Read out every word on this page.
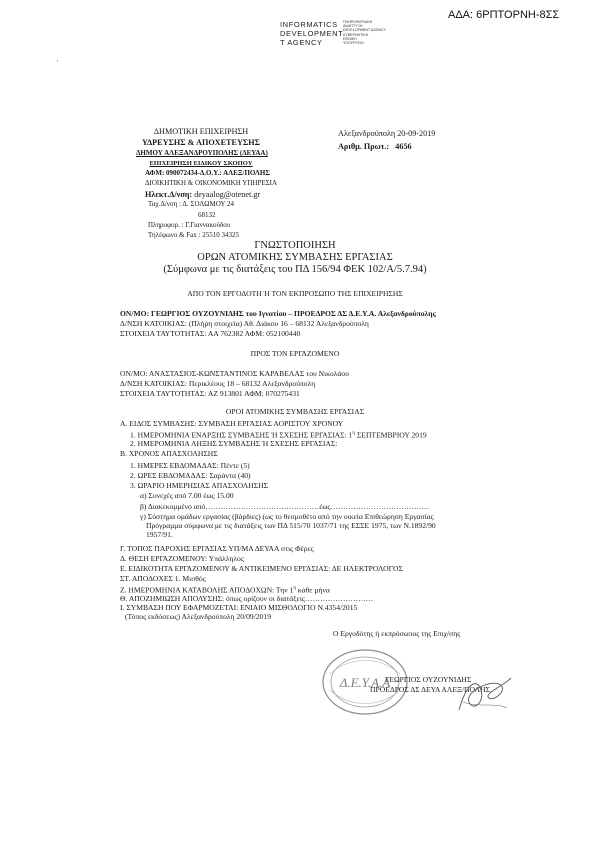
ΑΔΑ: 6ΡΠΤΟΡΝΗ-8ΣΣ
INFORMATICS
DEVELOPMENT
T AGENCY
ΠΛΗΡΟΦΟΡΙΑΚΗ
ΑΝΑΠΤΥΞΗ
DEVELOPMENT AGENCY
ΚΥΒΕΡΝΗΤΙΚΗ
ΕΘΝΙΚΗ
ΥΠΟΥΡΓΕΙΟ
'
ΔΗΜΟΤΙΚΗ ΕΠΙΧΕΙΡΗΣΗ
ΥΔΡΕΥΣΗΣ & ΑΠΟΧΕΤΕΥΣΗΣ
ΔΗΜΟΥ ΑΛΕΞΑΝΔΡΟΥΠΟΛΗΣ (ΔΕΥΑΑ)
ΕΠΙΧΕΙΡΗΣΗ ΕΙΔΙΚΟΥ ΣΚΟΠΟΥ
ΑΦΜ: 090072434-Δ.Ο.Υ.: ΑΛΕΞ/ΠΟΛΗΣ
ΔΙΟΙΚΗΤΙΚΗ & ΟΙΚΟΝΟΜΙΚΗ ΥΠΗΡΕΣΙΑ
Ηλεκτ.Δ/νση: deyaalog@otenet.gr
Ταχ.Δ/νση : Δ. ΣΟΛΩΜΟΥ 24
68132
Πληροφορ. : Γ.Γιαννακούδου
Τηλέφωνο & Fax : 25510 34325
Αλεξανδρούπολη 20-09-2019
Αριθμ. Πρωτ.: 4656
ΓΝΩΣΤΟΠΟΙΗΣΗ
ΟΡΩΝ ΑΤΟΜΙΚΗΣ ΣΥΜΒΑΣΗΣ ΕΡΓΑΣΙΑΣ
(Σύμφωνα με τις διατάξεις του ΠΔ 156/94 ΦΕΚ 102/Α/5.7.94)
ΑΠΟ ΤΟΝ ΕΡΓΟΔΟΤΗ Ή ΤΟΝ ΕΚΠΡΟΣΩΠΟ ΤΗΣ ΕΠΙΧΕΙΡΗΣΗΣ
ΟΝ/ΜΟ: ΓΕΩΡΓΙΟΣ ΟΥΖΟΥΝΙΔΗΣ του Ιγνατίου – ΠΡΟΕΔΡΟΣ ΔΣ Δ.Ε.Υ.Α. Αλεξανδρούπολης
Δ/ΝΣΗ ΚΑΤΟΙΚΙΑΣ: (Πλήρη στοιχεία) Αθ. Διάκου 16 – 68132 Αλεξανδρούπολη
ΣΤΟΙΧΕΙΑ ΤΑΥΤΟΤΗΤΑΣ: ΑΑ 762382 ΑΦΜ: 052100440
ΠΡΟΣ ΤΟΝ ΕΡΓΑΖΟΜΕΝΟ
ΟΝ/ΜΟ: ΑΝΑΣΤΑΣΙΟΣ-ΚΩΝΣΤΑΝΤΙΝΟΣ ΚΑΡΑΒΕΛΑΣ του Νικολάου
Δ/ΝΣΗ ΚΑΤΟΙΚΙΑΣ: Περικλέους 18 – 68132 Αλεξανδρούπολη
ΣΤΟΙΧΕΙΑ ΤΑΥΤΟΤΗΤΑΣ: ΑΖ 913801 ΑΦΜ: 070275431
ΟΡΟΙ ΑΤΟΜΙΚΗΣ ΣΥΜΒΑΣΗΣ ΕΡΓΑΣΙΑΣ
Α. ΕΙΔΟΣ ΣΥΜΒΑΣΗΣ: ΣΥΜΒΑΣΗ ΕΡΓΑΣΙΑΣ ΑΟΡΙΣΤΟΥ ΧΡΟΝΟΥ
1. ΗΜΕΡΟΜΗΝΙΑ ΕΝΑΡΞΗΣ ΣΥΜΒΑΣΗΣ Ή ΣΧΕΣΗΣ ΕΡΓΑΣΙΑΣ: $1^\eta$ ΣΕΠΤΕΜΒΡΙΟΥ 2019
2. ΗΜΕΡΟΜΗΝΙΑ ΛΗΞΗΣ ΣΥΜΒΑΣΗΣ Ή ΣΧΕΣΗΣ ΕΡΓΑΣΙΑΣ:
Β. ΧΡΟΝΟΣ ΑΠΑΣΧΟΛΗΣΗΣ
1. ΗΜΕΡΕΣ ΕΒΔΟΜΑΔΑΣ: Πέντε (5)
2. ΩΡΕΣ ΕΒΔΟΜΑΔΑΣ: Σαράντα (40)
3. ΩΡΑΡΙΟ ΗΜΕΡΗΣΙΑΣ ΑΠΑΣΧΟΛΗΣΗΣ
α) Συνεχές από 7.00 έως 15.00
β) Διακεκομμένο από………………………………………έως…………………………………
γ) Σύστημα ομάδων εργασίας (βάρδιες) (ως το θεσμοθέτο από την οικεία Επιθεώρηση Εργασίας
Πρόγραμμα σύμφωνα με τις διατάξεις των ΠΔ 515/70 1037/71 της ΕΣΣΕ 1975, των Ν.1892/90
1957/91.
Γ. ΤΟΠΟΣ ΠΑΡΟΧΗΣ ΕΡΓΑΣΙΑΣ ΥΠ/ΜΑ ΔΕΥΑΑ στις Φέρες
Δ. ΘΕΣΗ ΕΡΓΑΖΟΜΕΝΟΥ: Υπάλληλος
Ε. ΕΙΔΙΚΟΤΗΤΑ ΕΡΓΑΖΟΜΕΝΟΥ & ΑΝΤΙΚΕΙΜΕΝΟ ΕΡΓΑΣΙΑΣ: ΔΕ ΗΛΕΚΤΡΟΛΟΓΟΣ
ΣΤ. ΑΠΟΔΟΧΕΣ 1. Μισθός
Ζ. ΗΜΕΡΟΜΗΝΙΑ ΚΑΤΑΒΟΛΗΣ ΑΠΟΔΟΧΩΝ: Την $1^\eta$ κάθε μήνα
Θ. ΑΠΟΖΗΜΙΩΣΗ ΑΠΟΛΥΣΗΣ: όπως ορίζουν οι διατάξεις………………………
Ι. ΣΥΜΒΑΣΗ ΠΟΥ ΕΦΑΡΜΟΖΕΤΑΙ: ΕΝΙΑΙΟ ΜΙΣΘΟΛΟΓΙΟ Ν.4354/2015
(Τόπος εκδόσεως) Αλεξανδρούπολη 20/09/2019
Ο Εργοδότης ή εκπρόσωπος της Επιχ/σης
Δ.Ε.Υ.Α.Α
ΓΕΩΡΓΙΟΣ ΟΥΖΟΥΝΙΔΗΣ
ΠΡΟΕΔΡΟΣ ΔΣ ΔΕΥΑ ΑΛΕΞ/ΠΟΛΗΣ
